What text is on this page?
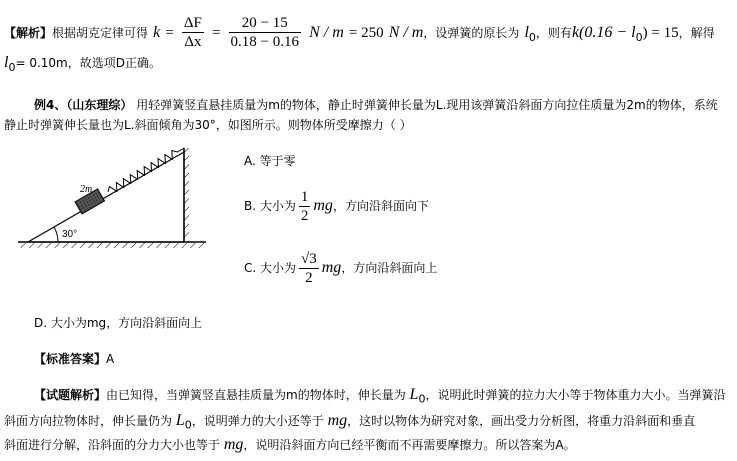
【解析】根据胡克定律可得 $k = \frac{\Delta F}{\Delta x} = \frac{20 - 15}{0.18 - 0.16}$ N / m = 250 N / m，设弹簧的原长为 $l_0$，则有$k(0.16 - l_0) = 15$，解得
$l_0= 0.10m$，故选项D正确。
例4、（山东理综） 用轻弹簧竖直悬挂质量为m的物体，静止时弹簧伸长量为L.现用该弹簧沿斜面方向拉住质量为2m的物体，系统
静止时弹簧伸长量也为L.斜面倾角为30°，如图所示。则物体所受摩擦力（ ）
30°
2m
A. 等于零
B. 大小为 $\frac{1}{2}$ mg，方向沿斜面向下
C. 大小为 $\frac{√3}{2}$ mg，方向沿斜面向上
D. 大小为mg，方向沿斜面向上
【标准答案】A
【试题解析】由已知得，当弹簧竖直悬挂质量为m的物体时，伸长量为 $L_0$，说明此时弹簧的拉力大小等于物体重力大小。当弹簧沿
斜面方向拉物体时，伸长量仍为 $L_0$，说明弹力的大小还等于 mg，这时以物体为研究对象，画出受力分析图，将重力沿斜面和垂直
斜面进行分解，沿斜面的分力大小也等于 mg，说明沿斜面方向已经平衡而不再需要摩擦力。所以答案为A。
